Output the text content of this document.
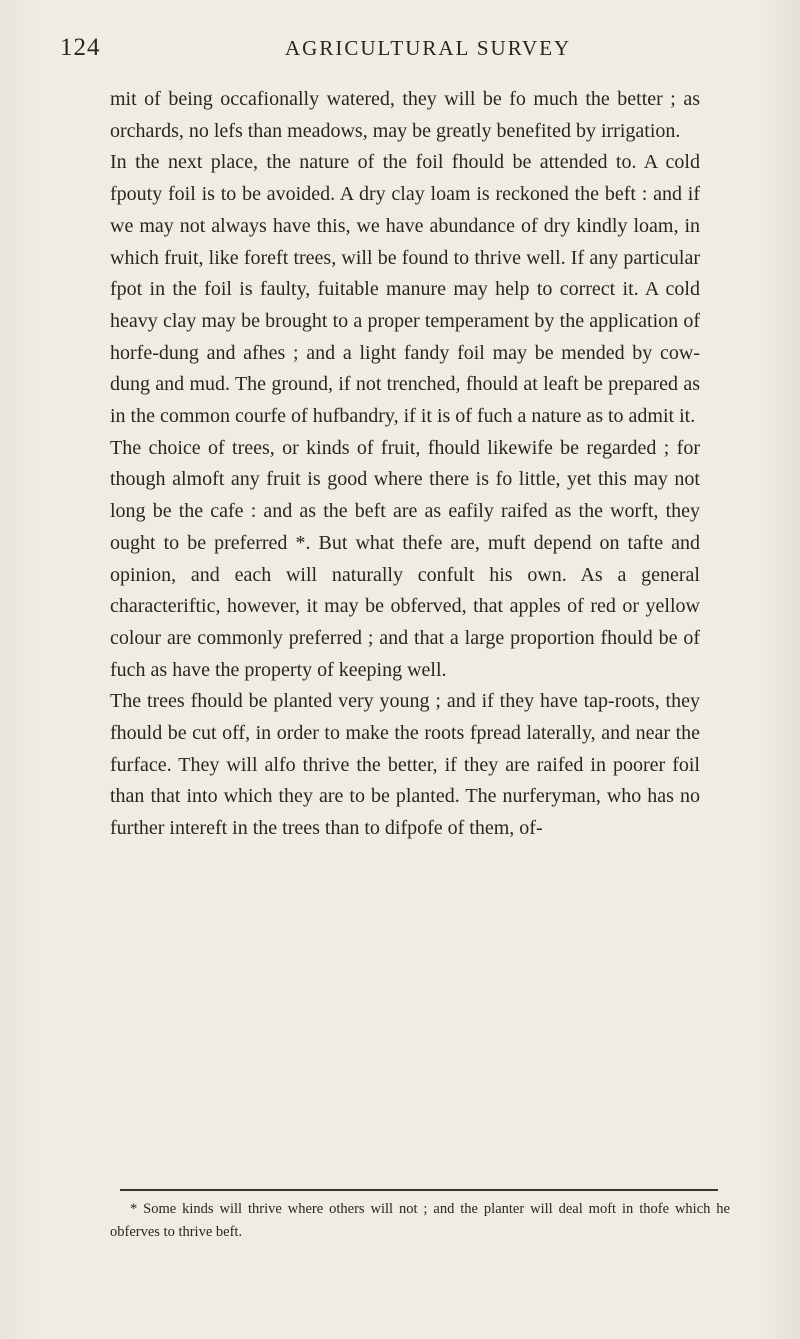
124	AGRICULTURAL SURVEY

mit of being occafionally watered, they will be fo much the better ; as orchards, no lefs than meadows, may be greatly benefited by irrigation.

In the next place, the nature of the foil fhould be attended to. A cold fpouty foil is to be avoided. A dry clay loam is reckoned the beft : and if we may not always have this, we have abundance of dry kindly loam, in which fruit, like foreft trees, will be found to thrive well. If any particular fpot in the foil is faulty, fuitable manure may help to correct it. A cold heavy clay may be brought to a proper temperament by the application of horfe-dung and afhes ; and a light fandy foil may be mended by cow-dung and mud. The ground, if not trenched, fhould at leaft be prepared as in the common courfe of hufbandry, if it is of fuch a nature as to admit it.

The choice of trees, or kinds of fruit, fhould likewife be regarded ; for though almoft any fruit is good where there is fo little, yet this may not long be the cafe : and as the beft are as eafily raifed as the worft, they ought to be preferred *. But what thefe are, muft depend on tafte and opinion, and each will naturally confult his own. As a general characteriftic, however, it may be obferved, that apples of red or yellow colour are commonly preferred ; and that a large proportion fhould be of fuch as have the property of keeping well.

The trees fhould be planted very young ; and if they have tap-roots, they fhould be cut off, in order to make the roots fpread laterally, and near the furface. They will alfo thrive the better, if they are raifed in poorer foil than that into which they are to be planted. The nurferyman, who has no further intereft in the trees than to difpofe of them, of-

* Some kinds will thrive where others will not ; and the planter will deal moft in thofe which he obferves to thrive beft.
